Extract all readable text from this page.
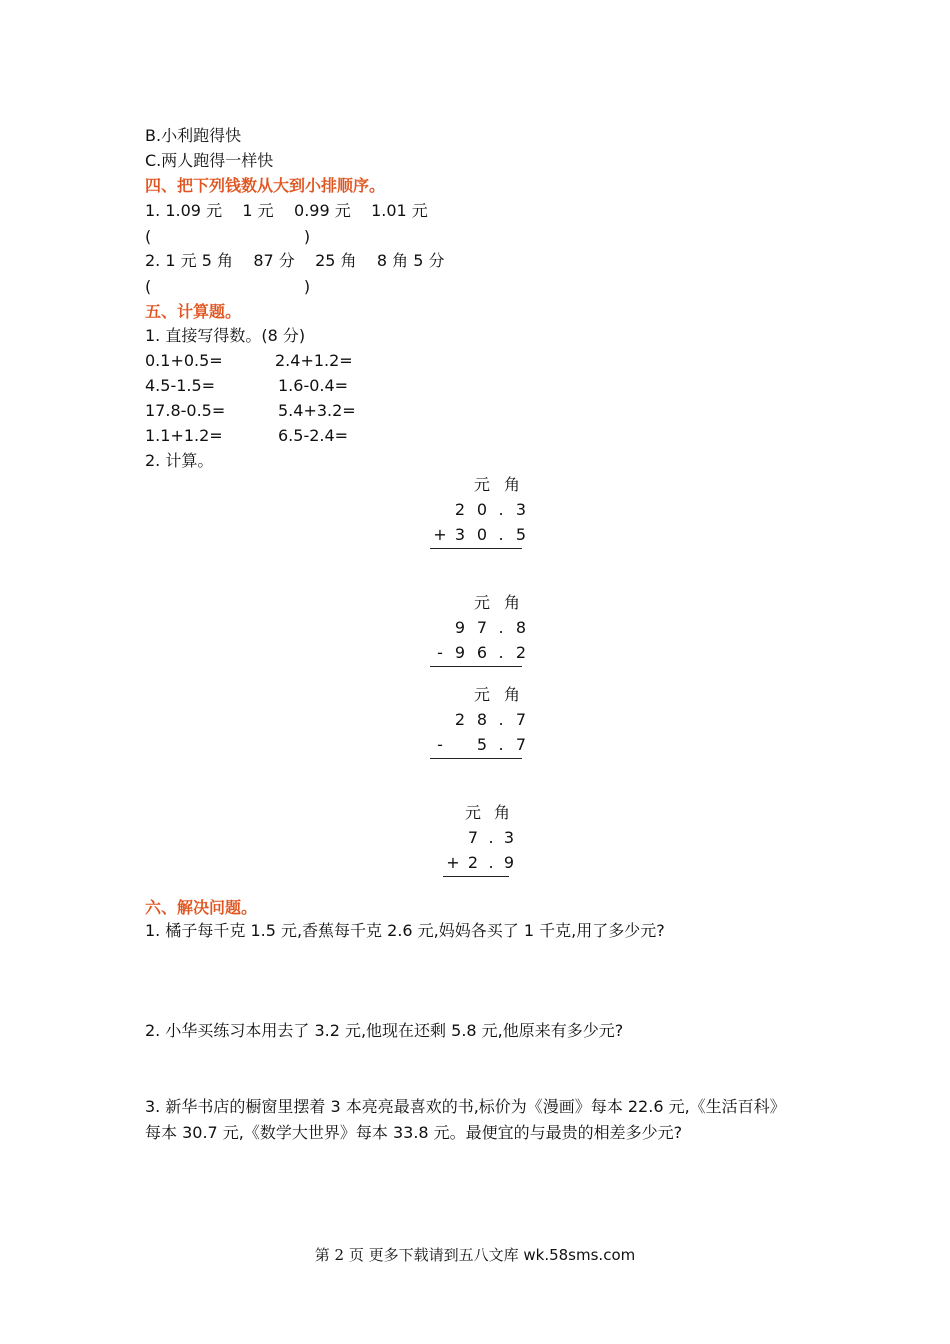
B.小利跑得快
C.两人跑得一样快
四、把下列钱数从大到小排顺序。
1. 1.09 元    1 元    0.99 元    1.01 元
(                              )
2. 1 元 5 角    87 分    25 角    8 角 5 分
(                              )
五、计算题。
1. 直接写得数。(8 分)
0.1+0.5=	2.4+1.2=
4.5-1.5=	1.6-0.4=
17.8-0.5=	5.4+3.2=
1.1+1.2=	6.5-2.4=
2. 计算。
元 角
2 0 . 3
+ 3 0 . 5
元 角
9 7 . 8
- 9 6 . 2
元 角
2 8 . 7
-	5 . 7
元 角
7 . 3
+ 2 . 9
六、解决问题。
1. 橘子每千克 1.5 元,香蕉每千克 2.6 元,妈妈各买了 1 千克,用了多少元?
2. 小华买练习本用去了 3.2 元,他现在还剩 5.8 元,他原来有多少元?
3. 新华书店的橱窗里摆着 3 本亮亮最喜欢的书,标价为《漫画》每本 22.6 元,《生活百科》
每本 30.7 元,《数学大世界》每本 33.8 元。最便宜的与最贵的相差多少元?
第 2 页 更多下载请到五八文库 wk.58sms.com
